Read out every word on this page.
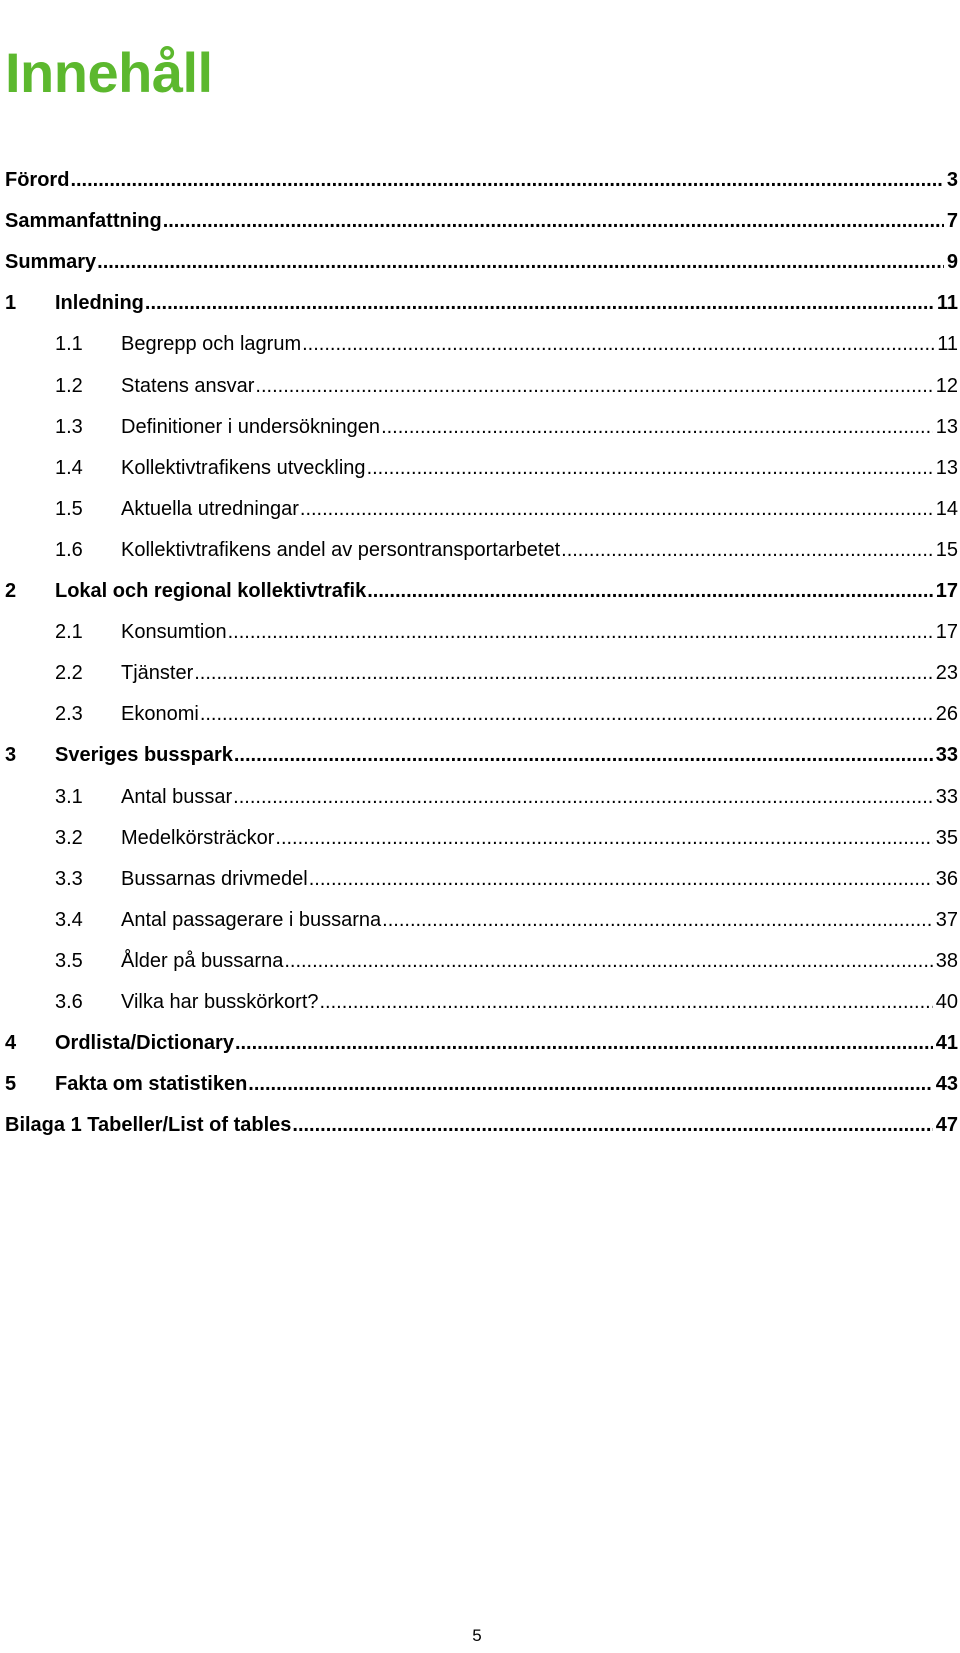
Innehåll
Förord .....	3
Sammanfattning .....	7
Summary .....	9
1	Inledning .....	11
1.1	Begrepp och lagrum .....	11
1.2	Statens ansvar .....	12
1.3	Definitioner i undersökningen .....	13
1.4	Kollektivtrafikens utveckling .....	13
1.5	Aktuella utredningar .....	14
1.6	Kollektivtrafikens andel av persontransportarbetet .....	15
2	Lokal och regional kollektivtrafik .....	17
2.1	Konsumtion .....	17
2.2	Tjänster .....	23
2.3	Ekonomi .....	26
3	Sveriges busspark .....	33
3.1	Antal bussar .....	33
3.2	Medelkörsträckor .....	35
3.3	Bussarnas drivmedel .....	36
3.4	Antal passagerare i bussarna .....	37
3.5	Ålder på bussarna .....	38
3.6	Vilka har busskörkort? .....	40
4	Ordlista/Dictionary .....	41
5	Fakta om statistiken .....	43
Bilaga 1 Tabeller/List of tables .....	47
5
